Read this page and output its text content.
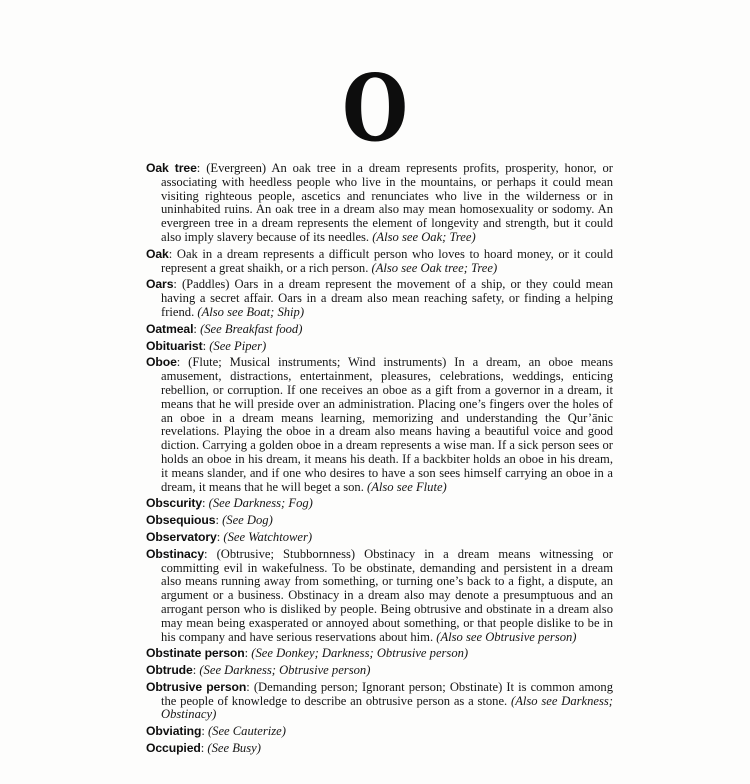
O

Oak tree: (Evergreen) An oak tree in a dream represents profits, prosperity, honor, or associating with heedless people who live in the mountains, or perhaps it could mean visiting righteous people, ascetics and renunciates who live in the wilderness or in uninhabited ruins. An oak tree in a dream also may mean homosexuality or sodomy. An evergreen tree in a dream represents the element of longevity and strength, but it could also imply slavery because of its needles. (Also see Oak; Tree)

Oak: Oak in a dream represents a difficult person who loves to hoard money, or it could represent a great shaikh, or a rich person. (Also see Oak tree; Tree)

Oars: (Paddles) Oars in a dream represent the movement of a ship, or they could mean having a secret affair. Oars in a dream also mean reaching safety, or finding a helping friend. (Also see Boat; Ship)

Oatmeal: (See Breakfast food)

Obituarist: (See Piper)

Oboe: (Flute; Musical instruments; Wind instruments) In a dream, an oboe means amusement, distractions, entertainment, pleasures, celebrations, weddings, enticing rebellion, or corruption. If one receives an oboe as a gift from a governor in a dream, it means that he will preside over an administration. Placing one’s fingers over the holes of an oboe in a dream means learning, memorizing and understanding the Qur’ānic revelations. Playing the oboe in a dream also means having a beautiful voice and good diction. Carrying a golden oboe in a dream represents a wise man. If a sick person sees or holds an oboe in his dream, it means his death. If a backbiter holds an oboe in his dream, it means slander, and if one who desires to have a son sees himself carrying an oboe in a dream, it means that he will beget a son. (Also see Flute)

Obscurity: (See Darkness; Fog)

Obsequious: (See Dog)

Observatory: (See Watchtower)

Obstinacy: (Obtrusive; Stubbornness) Obstinacy in a dream means witnessing or committing evil in wakefulness. To be obstinate, demanding and persistent in a dream also means running away from something, or turning one’s back to a fight, a dispute, an argument or a business. Obstinacy in a dream also may denote a presumptuous and an arrogant person who is disliked by people. Being obtrusive and obstinate in a dream also may mean being exasperated or annoyed about something, or that people dislike to be in his company and have serious reservations about him. (Also see Obtrusive person)

Obstinate person: (See Donkey; Darkness; Obtrusive person)

Obtrude: (See Darkness; Obtrusive person)

Obtrusive person: (Demanding person; Ignorant person; Obstinate) It is common among the people of knowledge to describe an obtrusive person as a stone. (Also see Darkness; Obstinacy)

Obviating: (See Cauterize)

Occupied: (See Busy)
